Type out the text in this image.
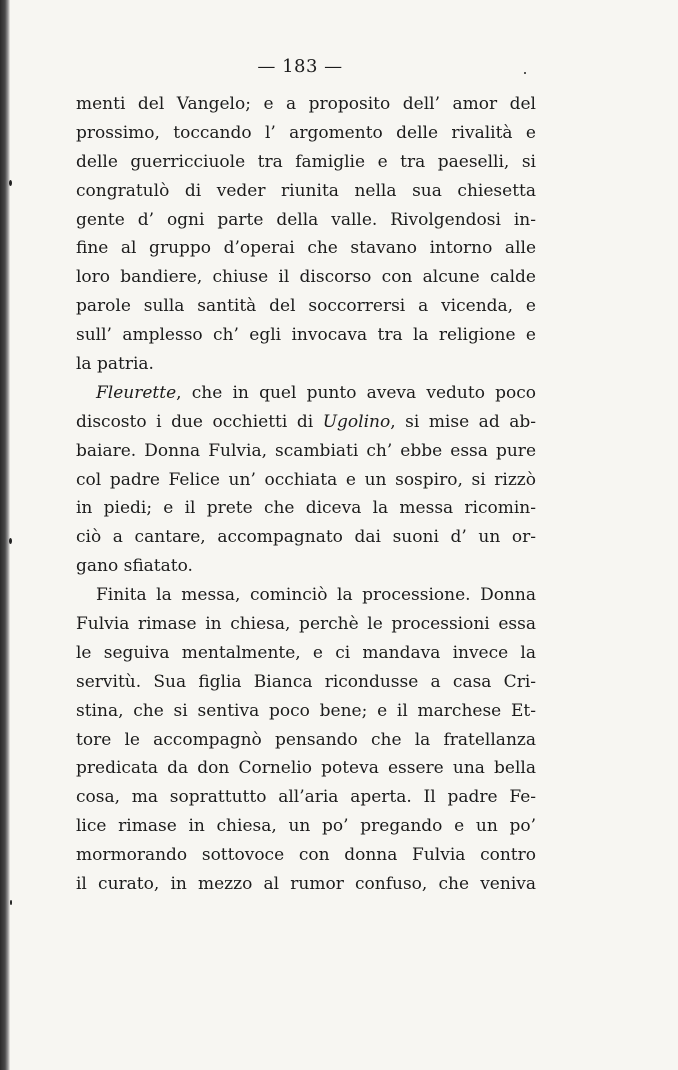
— 183 —

menti del Vangelo; e a proposito dell’ amor del
prossimo, toccando l’ argomento delle rivalità e
delle guerricciuole tra famiglie e tra paeselli, si
congratulò di veder riunita nella sua chiesetta
gente d’ ogni parte della valle. Rivolgendosi in-
fine al gruppo d’operai che stavano intorno alle
loro bandiere, chiuse il discorso con alcune calde
parole sulla santità del soccorrersi a vicenda, e
sull’ amplesso ch’ egli invocava tra la religione e
la patria.

Fleurette, che in quel punto aveva veduto poco
discosto i due occhietti di Ugolino, si mise ad ab-
baiare. Donna Fulvia, scambiati ch’ ebbe essa pure
col padre Felice un’ occhiata e un sospiro, si rizzò
in piedi; e il prete che diceva la messa ricomin-
ciò a cantare, accompagnato dai suoni d’ un or-
gano sfiatato.

Finita la messa, cominciò la processione. Donna
Fulvia rimase in chiesa, perchè le processioni essa
le seguiva mentalmente, e ci mandava invece la
servitù. Sua figlia Bianca ricondusse a casa Cri-
stina, che si sentiva poco bene; e il marchese Et-
tore le accompagnò pensando che la fratellanza
predicata da don Cornelio poteva essere una bella
cosa, ma soprattutto all’aria aperta. Il padre Fe-
lice rimase in chiesa, un po’ pregando e un po’
mormorando sottovoce con donna Fulvia contro
il curato, in mezzo al rumor confuso, che veniva
